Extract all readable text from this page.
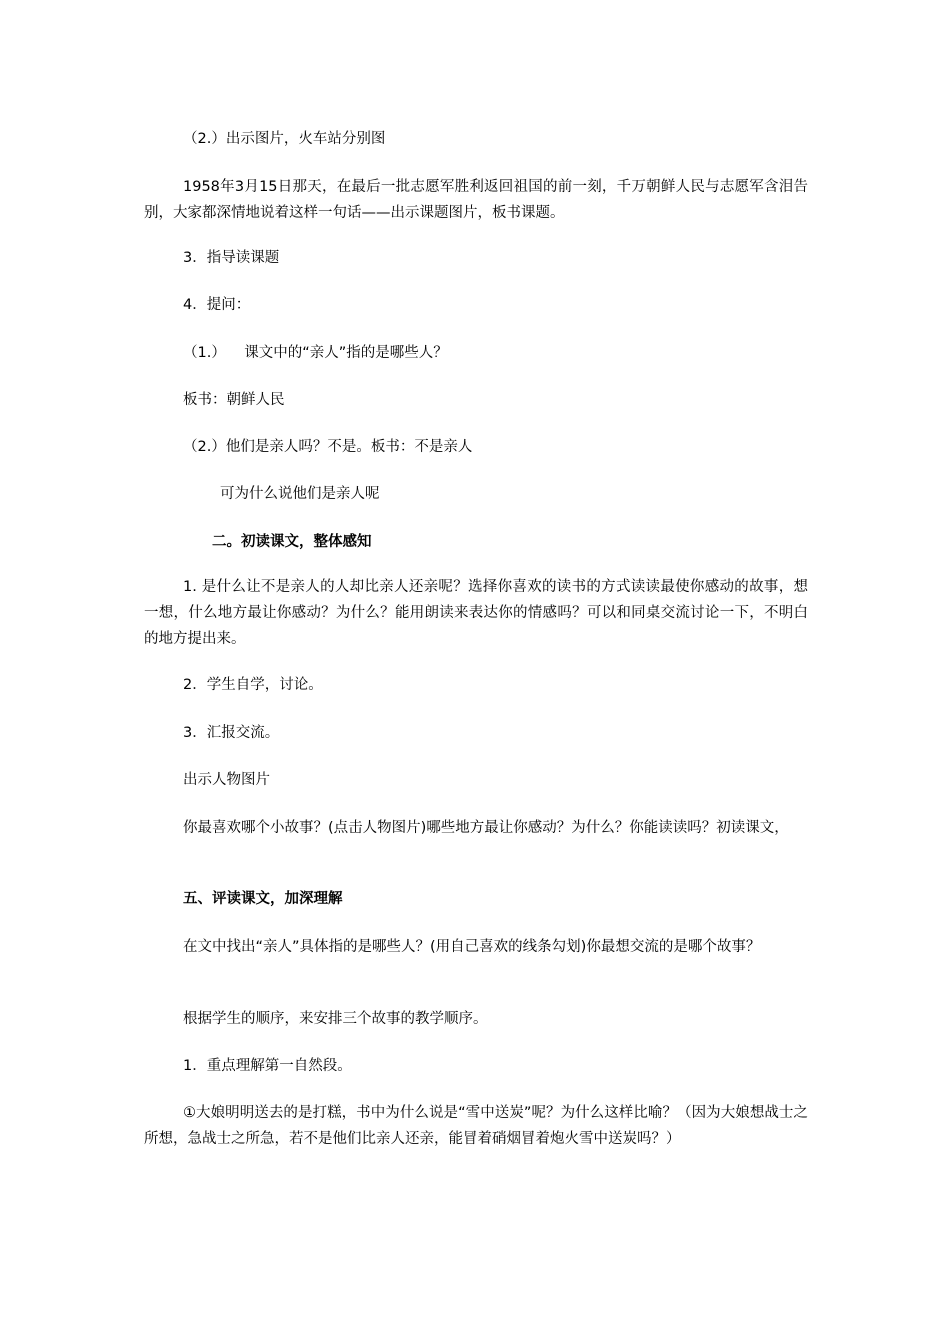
（2.）出示图片，火车站分别图

1958年3月15日那天，在最后一批志愿军胜利返回祖国的前一刻，千万朝鲜人民与志愿军含泪告别，大家都深情地说着这样一句话——出示课题图片，板书课题。

3．指导读课题

4．提问：

（1.）    课文中的“亲人”指的是哪些人？

板书：朝鲜人民

（2.）他们是亲人吗？不是。板书：不是亲人

可为什么说他们是亲人呢

二。初读课文，整体感知

1. 是什么让不是亲人的人却比亲人还亲呢？选择你喜欢的读书的方式读读最使你感动的故事，想一想，什么地方最让你感动？为什么？能用朗读来表达你的情感吗？可以和同桌交流讨论一下，不明白的地方提出来。

2．学生自学，讨论。

3．汇报交流。

出示人物图片

你最喜欢哪个小故事？(点击人物图片)哪些地方最让你感动？为什么？你能读读吗？初读课文，

五、评读课文，加深理解

在文中找出“亲人”具体指的是哪些人？(用自己喜欢的线条勾划)你最想交流的是哪个故事？

根据学生的顺序，来安排三个故事的教学顺序。

1．重点理解第一自然段。

①大娘明明送去的是打糕，书中为什么说是“雪中送炭”呢？为什么这样比喻？（因为大娘想战士之所想，急战士之所急，若不是他们比亲人还亲，能冒着硝烟冒着炮火雪中送炭吗？）
